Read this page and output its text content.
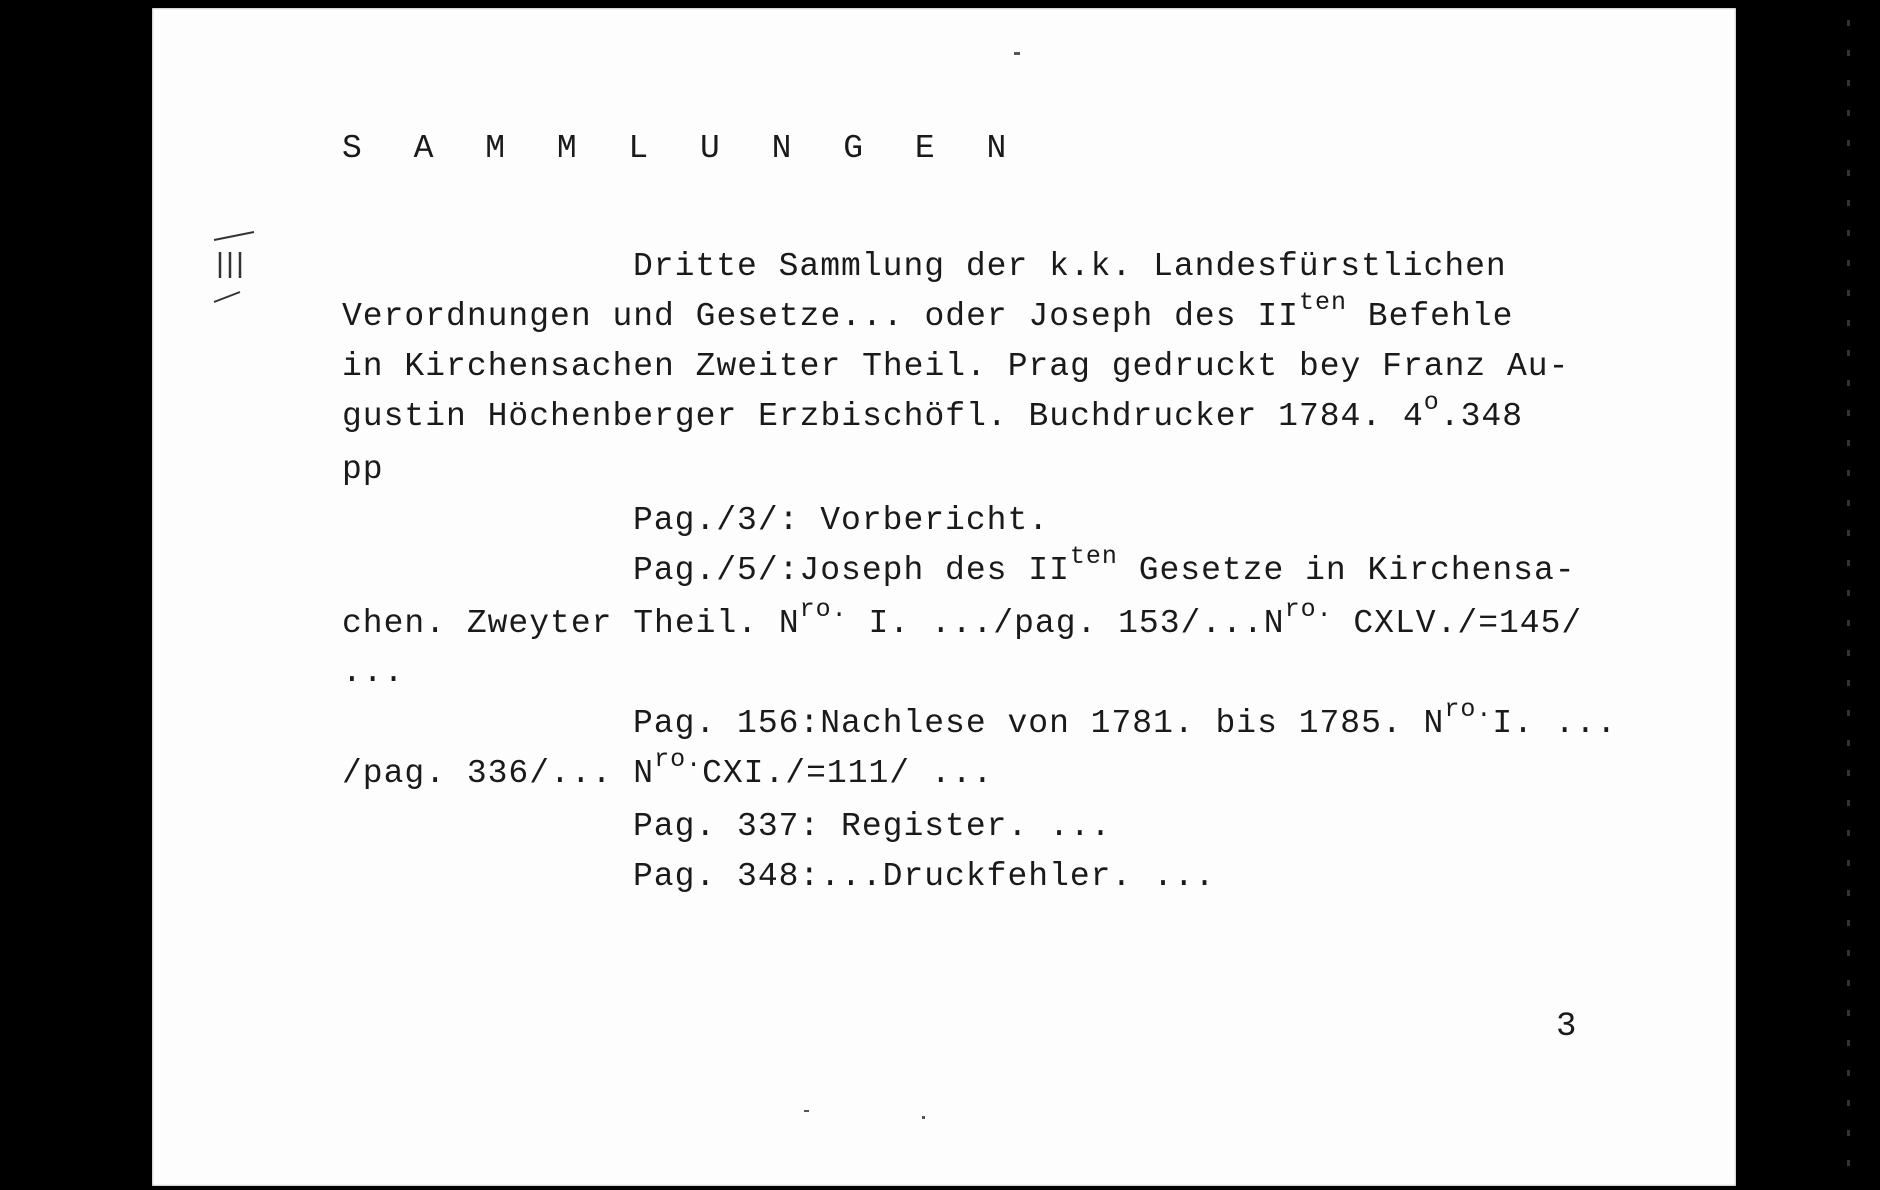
S A M M L U N G E N
Dritte Sammlung der k.k. Landesfürstlichen
Verordnungen und Gesetze... oder Joseph des $II^{ten}$ Befehle
in Kirchensachen Zweiter Theil. Prag gedruckt bey Franz Au-
gustin Höchenberger Erzbischöfl. Buchdrucker 1784. 4$^o$.348
pp
Pag./3/: Vorbericht.
Pag./5/:Joseph des $II^{ten}$ Gesetze in Kirchensa-
chen. Zweyter Theil. $N^{ro.}$ I. .../pag. $153/...N^{ro.}$ CXLV./=145/
...
Pag. 156:Nachlese von 1781. bis 1785. $N^{ro.}I$. ...
/pag. 336/... $N^{ro.}CXI./=111/$ ...
Pag. 337: Register. ...
Pag. 348:...Druckfehler. ...
3
